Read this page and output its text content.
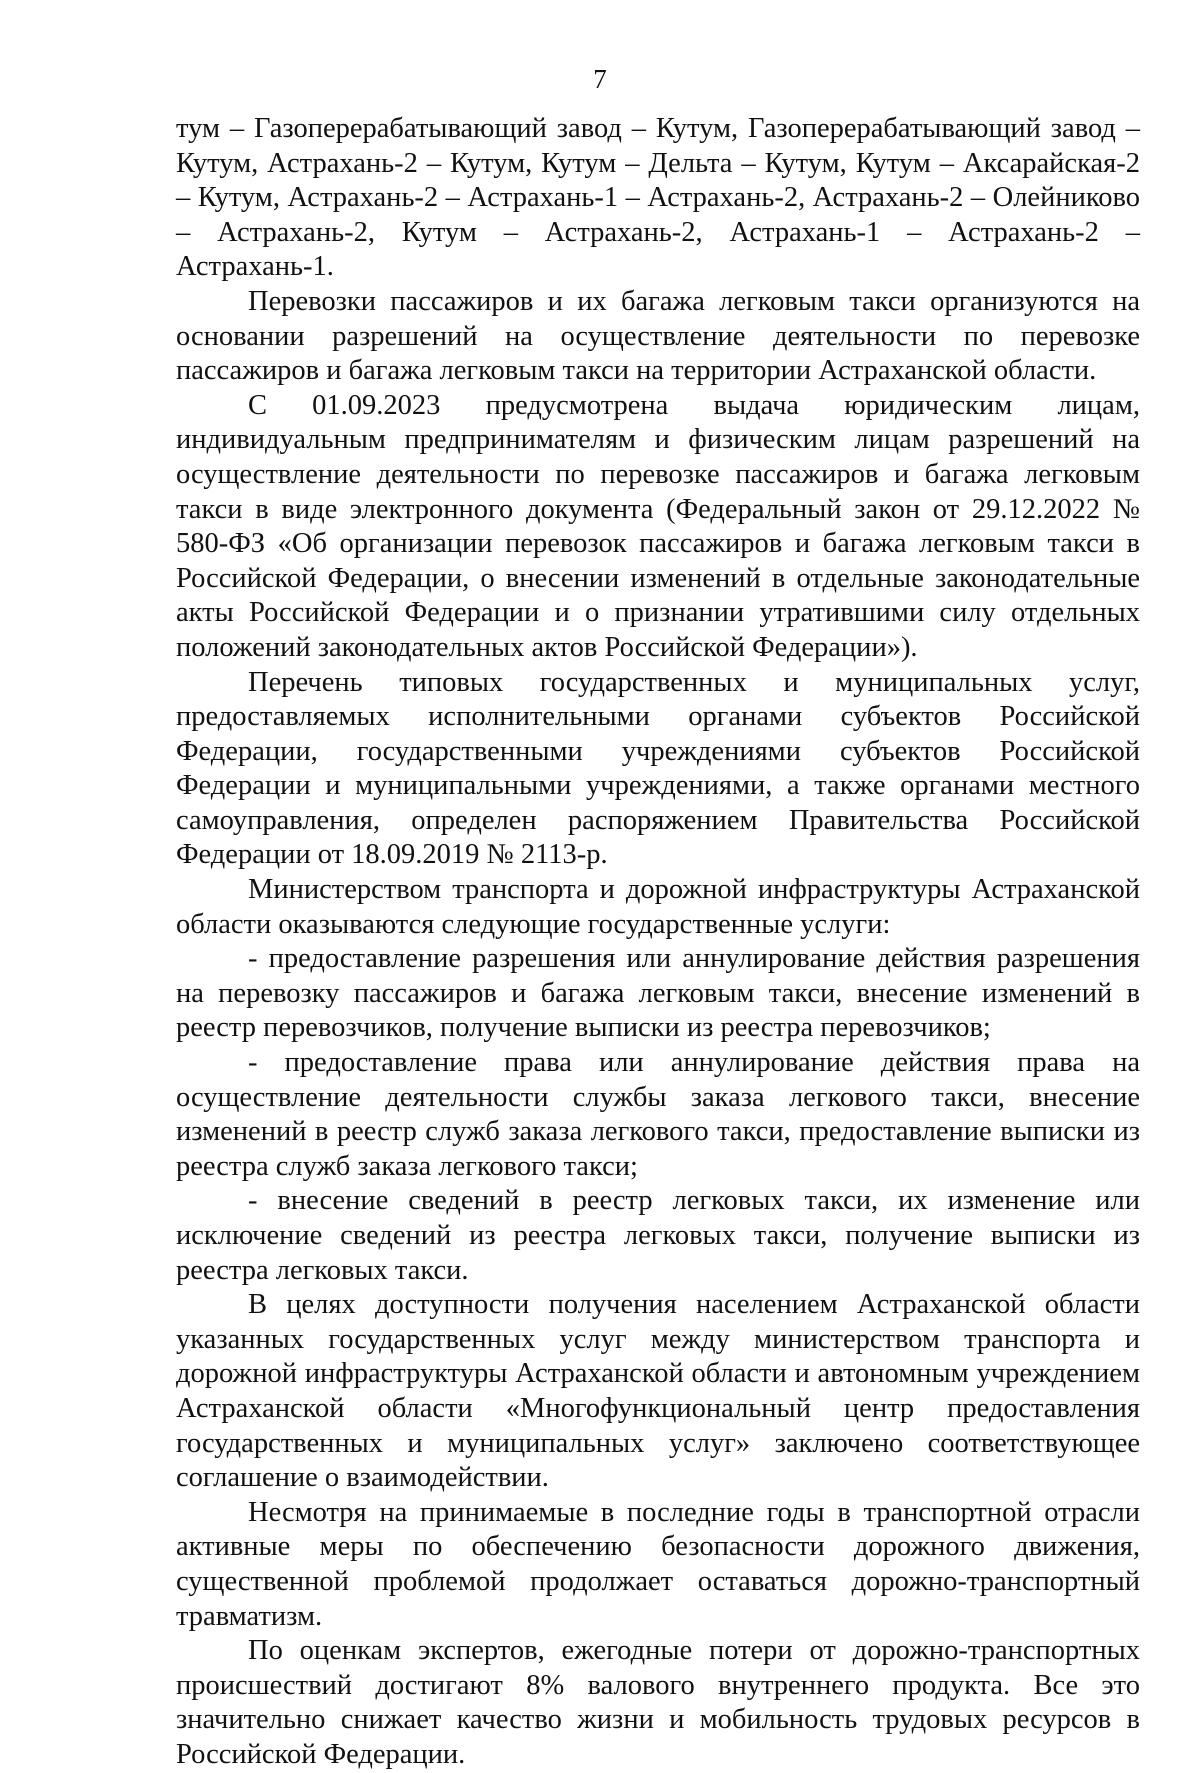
7

тум – Газоперерабатывающий завод – Кутум, Газоперерабатывающий завод – Кутум, Астрахань-2 – Кутум, Кутум – Дельта – Кутум, Кутум – Аксарайская-2 – Кутум, Астрахань-2 – Астрахань-1 – Астрахань-2, Астрахань-2 – Олейниково – Астрахань-2, Кутум – Астрахань-2, Астрахань-1 – Астрахань-2 – Астрахань-1.

Перевозки пассажиров и их багажа легковым такси организуются на основании разрешений на осуществление деятельности по перевозке пассажиров и багажа легковым такси на территории Астраханской области.

С 01.09.2023 предусмотрена выдача юридическим лицам, индивидуальным предпринимателям и физическим лицам разрешений на осуществление деятельности по перевозке пассажиров и багажа легковым такси в виде электронного документа (Федеральный закон от 29.12.2022 № 580-ФЗ «Об организации перевозок пассажиров и багажа легковым такси в Российской Федерации, о внесении изменений в отдельные законодательные акты Российской Федерации и о признании утратившими силу отдельных положений законодательных актов Российской Федерации»).

Перечень типовых государственных и муниципальных услуг, предоставляемых исполнительными органами субъектов Российской Федерации, государственными учреждениями субъектов Российской Федерации и муниципальными учреждениями, а также органами местного самоуправления, определен распоряжением Правительства Российской Федерации от 18.09.2019 № 2113-р.

Министерством транспорта и дорожной инфраструктуры Астраханской области оказываются следующие государственные услуги:

- предоставление разрешения или аннулирование действия разрешения на перевозку пассажиров и багажа легковым такси, внесение изменений в реестр перевозчиков, получение выписки из реестра перевозчиков;

- предоставление права или аннулирование действия права на осуществление деятельности службы заказа легкового такси, внесение изменений в реестр служб заказа легкового такси, предоставление выписки из реестра служб заказа легкового такси;

- внесение сведений в реестр легковых такси, их изменение или исключение сведений из реестра легковых такси, получение выписки из реестра легковых такси.

В целях доступности получения населением Астраханской области указанных государственных услуг между министерством транспорта и дорожной инфраструктуры Астраханской области и автономным учреждением Астраханской области «Многофункциональный центр предоставления государственных и муниципальных услуг» заключено соответствующее соглашение о взаимодействии.

Несмотря на принимаемые в последние годы в транспортной отрасли активные меры по обеспечению безопасности дорожного движения, существенной проблемой продолжает оставаться дорожно-транспортный травматизм.

По оценкам экспертов, ежегодные потери от дорожно-транспортных происшествий достигают 8% валового внутреннего продукта. Все это значительно снижает качество жизни и мобильность трудовых ресурсов в Российской Федерации.
